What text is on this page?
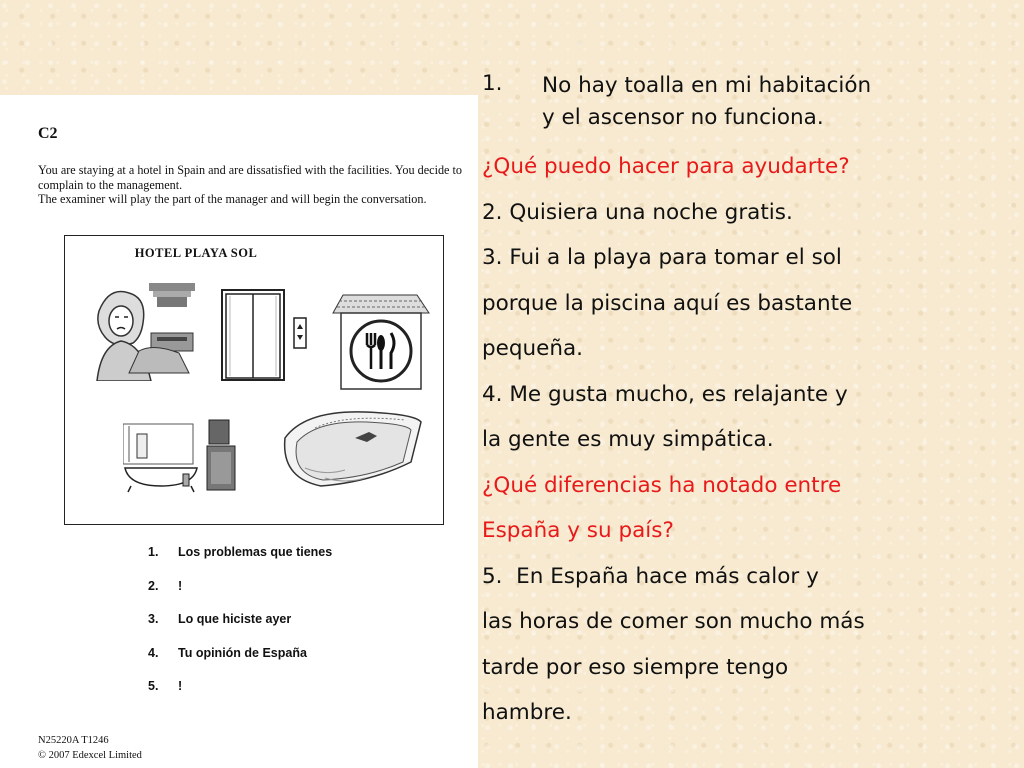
C2

You are staying at a hotel in Spain and are dissatisfied with the facilities. You decide to complain to the management.

The examiner will play the part of the manager and will begin the conversation.

HOTEL PLAYA SOL
1.	Los problemas que tienes
2.	!
3.	Lo que hiciste ayer
4.	Tu opinión de España
5.	!
N25220A T1246
© 2007 Edexcel Limited
1. No hay toalla en mi habitación
y el ascensor no funciona.
¿Qué puedo hacer para ayudarte?
2. Quisiera una noche gratis.
3. Fui a la playa para tomar el sol
porque la piscina aquí es bastante
pequeña.
4. Me gusta mucho, es relajante y
la gente es muy simpática.
¿Qué diferencias ha notado entre
España y su país?
5.  En España hace más calor y
las horas de comer son mucho más
tarde por eso siempre tengo
hambre.
